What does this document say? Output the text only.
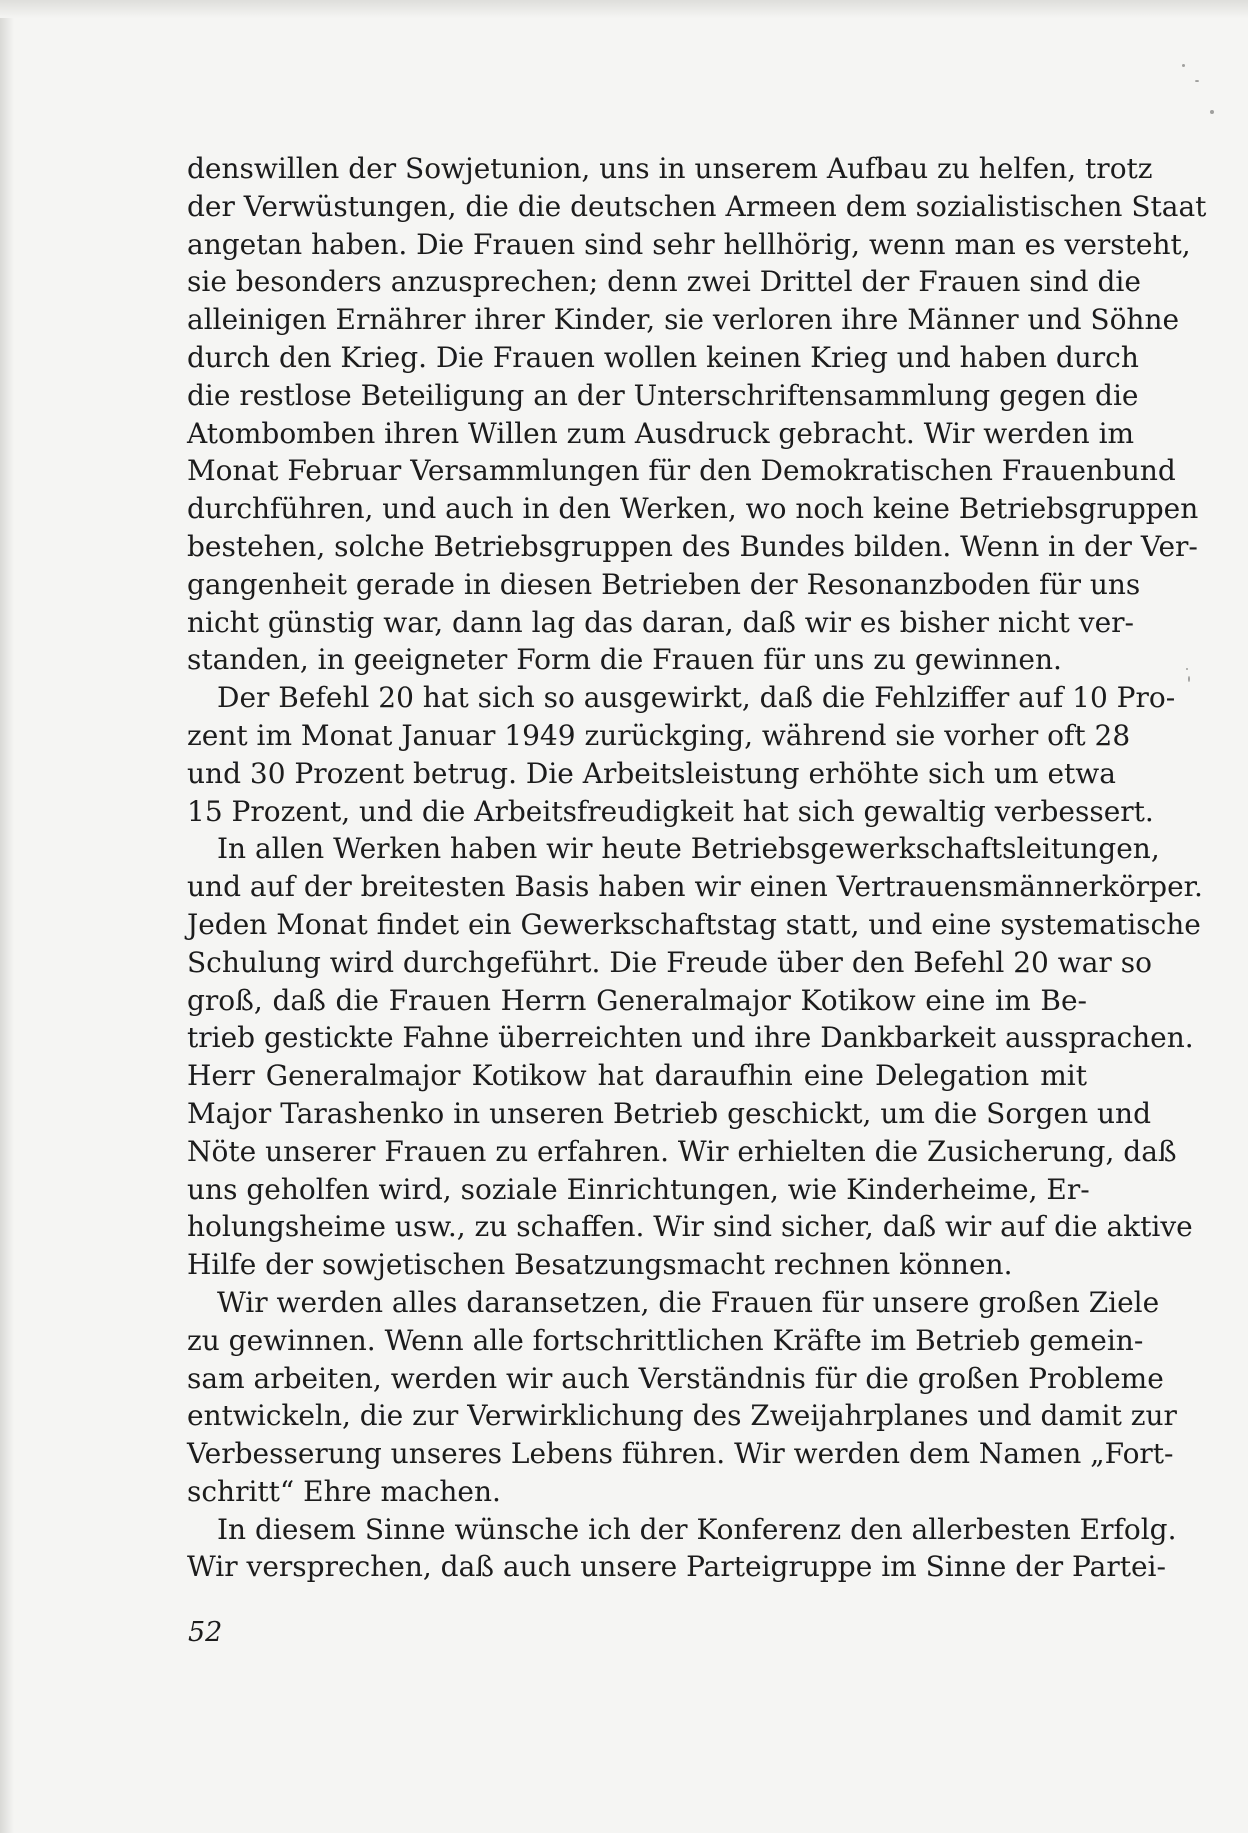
denswillen der Sowjetunion, uns in unserem Aufbau zu helfen, trotz
der Verwüstungen, die die deutschen Armeen dem sozialistischen Staat
angetan haben. Die Frauen sind sehr hellhörig, wenn man es versteht,
sie besonders anzusprechen; denn zwei Drittel der Frauen sind die
alleinigen Ernährer ihrer Kinder, sie verloren ihre Männer und Söhne
durch den Krieg. Die Frauen wollen keinen Krieg und haben durch
die restlose Beteiligung an der Unterschriftensammlung gegen die
Atombomben ihren Willen zum Ausdruck gebracht. Wir werden im
Monat Februar Versammlungen für den Demokratischen Frauenbund
durchführen, und auch in den Werken, wo noch keine Betriebsgruppen
bestehen, solche Betriebsgruppen des Bundes bilden. Wenn in der Ver-
gangenheit gerade in diesen Betrieben der Resonanzboden für uns
nicht günstig war, dann lag das daran, daß wir es bisher nicht ver-
standen, in geeigneter Form die Frauen für uns zu gewinnen.
Der Befehl 20 hat sich so ausgewirkt, daß die Fehlziffer auf 10 Pro-
zent im Monat Januar 1949 zurückging, während sie vorher oft 28
und 30 Prozent betrug. Die Arbeitsleistung erhöhte sich um etwa
15 Prozent, und die Arbeitsfreudigkeit hat sich gewaltig verbessert.
In allen Werken haben wir heute Betriebsgewerkschaftsleitungen,
und auf der breitesten Basis haben wir einen Vertrauensmännerkörper.
Jeden Monat findet ein Gewerkschaftstag statt, und eine systematische
Schulung wird durchgeführt. Die Freude über den Befehl 20 war so
groß, daß die Frauen Herrn Generalmajor Kotikow eine im Be-
trieb gestickte Fahne überreichten und ihre Dankbarkeit aussprachen.
Herr Generalmajor Kotikow hat daraufhin eine Delegation mit
Major Tarashenko in unseren Betrieb geschickt, um die Sorgen und
Nöte unserer Frauen zu erfahren. Wir erhielten die Zusicherung, daß
uns geholfen wird, soziale Einrichtungen, wie Kinderheime, Er-
holungsheime usw., zu schaffen. Wir sind sicher, daß wir auf die aktive
Hilfe der sowjetischen Besatzungsmacht rechnen können.
Wir werden alles daransetzen, die Frauen für unsere großen Ziele
zu gewinnen. Wenn alle fortschrittlichen Kräfte im Betrieb gemein-
sam arbeiten, werden wir auch Verständnis für die großen Probleme
entwickeln, die zur Verwirklichung des Zweijahrplanes und damit zur
Verbesserung unseres Lebens führen. Wir werden dem Namen „Fort-
schritt“ Ehre machen.
In diesem Sinne wünsche ich der Konferenz den allerbesten Erfolg.
Wir versprechen, daß auch unsere Parteigruppe im Sinne der Partei-
52
